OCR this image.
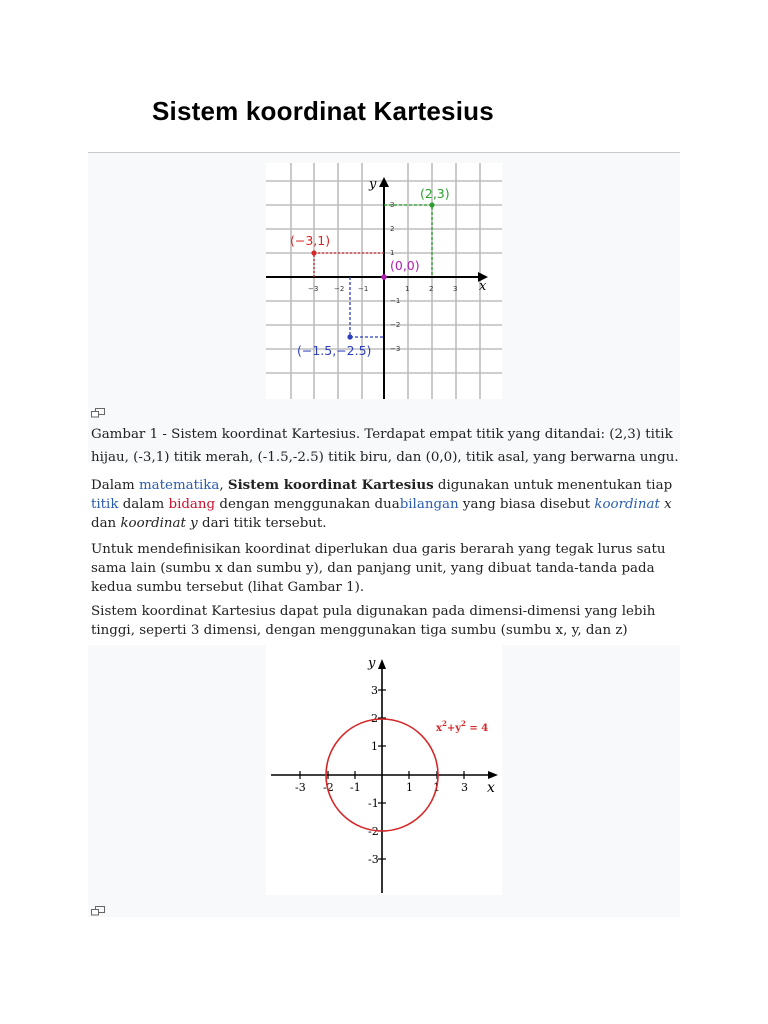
Sistem koordinat Kartesius
x
y
−3 −2 −1	1	2	3
3
2
1
−1
−2
−3
(2,3)
(−3,1)
(−1.5,−2.5)
(0,0)
Gambar 1 - Sistem koordinat Kartesius. Terdapat empat titik yang ditandai: (2,3) titik hijau, (-3,1) titik merah, (-1.5,-2.5) titik biru, dan (0,0), titik asal, yang berwarna ungu.

Dalam matematika, Sistem koordinat Kartesius digunakan untuk menentukan tiap titik dalam bidang dengan menggunakan duabilangan yang biasa disebut koordinat x dan koordinat y dari titik tersebut.

Untuk mendefinisikan koordinat diperlukan dua garis berarah yang tegak lurus satu sama lain (sumbu x dan sumbu y), dan panjang unit, yang dibuat tanda-tanda pada kedua sumbu tersebut (lihat Gambar 1).

Sistem koordinat Kartesius dapat pula digunakan pada dimensi-dimensi yang lebih tinggi, seperti 3 dimensi, dengan menggunakan tiga sumbu (sumbu x, y, dan z)

x
y
-3 -2 -1	1 1 3
3
2
1
-1
-2
-3
$x^2+y^2 = 4$
